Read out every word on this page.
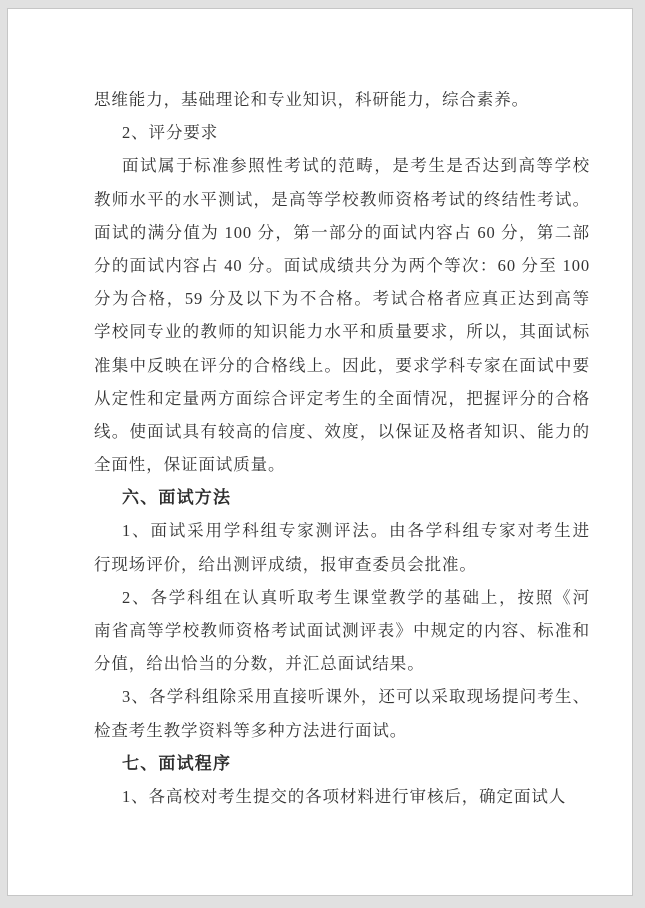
思维能力，基础理论和专业知识，科研能力，综合素养。
2、评分要求
面试属于标准参照性考试的范畴，是考生是否达到高等学校
教师水平的水平测试，是高等学校教师资格考试的终结性考试。
面试的满分值为 100 分，第一部分的面试内容占 60 分，第二部
分的面试内容占 40 分。面试成绩共分为两个等次：60 分至 100
分为合格，59 分及以下为不合格。考试合格者应真正达到高等
学校同专业的教师的知识能力水平和质量要求，所以，其面试标
准集中反映在评分的合格线上。因此，要求学科专家在面试中要
从定性和定量两方面综合评定考生的全面情况，把握评分的合格
线。使面试具有较高的信度、效度，以保证及格者知识、能力的
全面性，保证面试质量。
六、面试方法
1、面试采用学科组专家测评法。由各学科组专家对考生进
行现场评价，给出测评成绩，报审查委员会批准。
2、各学科组在认真听取考生课堂教学的基础上，按照《河
南省高等学校教师资格考试面试测评表》中规定的内容、标准和
分值，给出恰当的分数，并汇总面试结果。
3、各学科组除采用直接听课外，还可以采取现场提问考生、
检查考生教学资料等多种方法进行面试。
七、面试程序
1、各高校对考生提交的各项材料进行审核后，确定面试人
